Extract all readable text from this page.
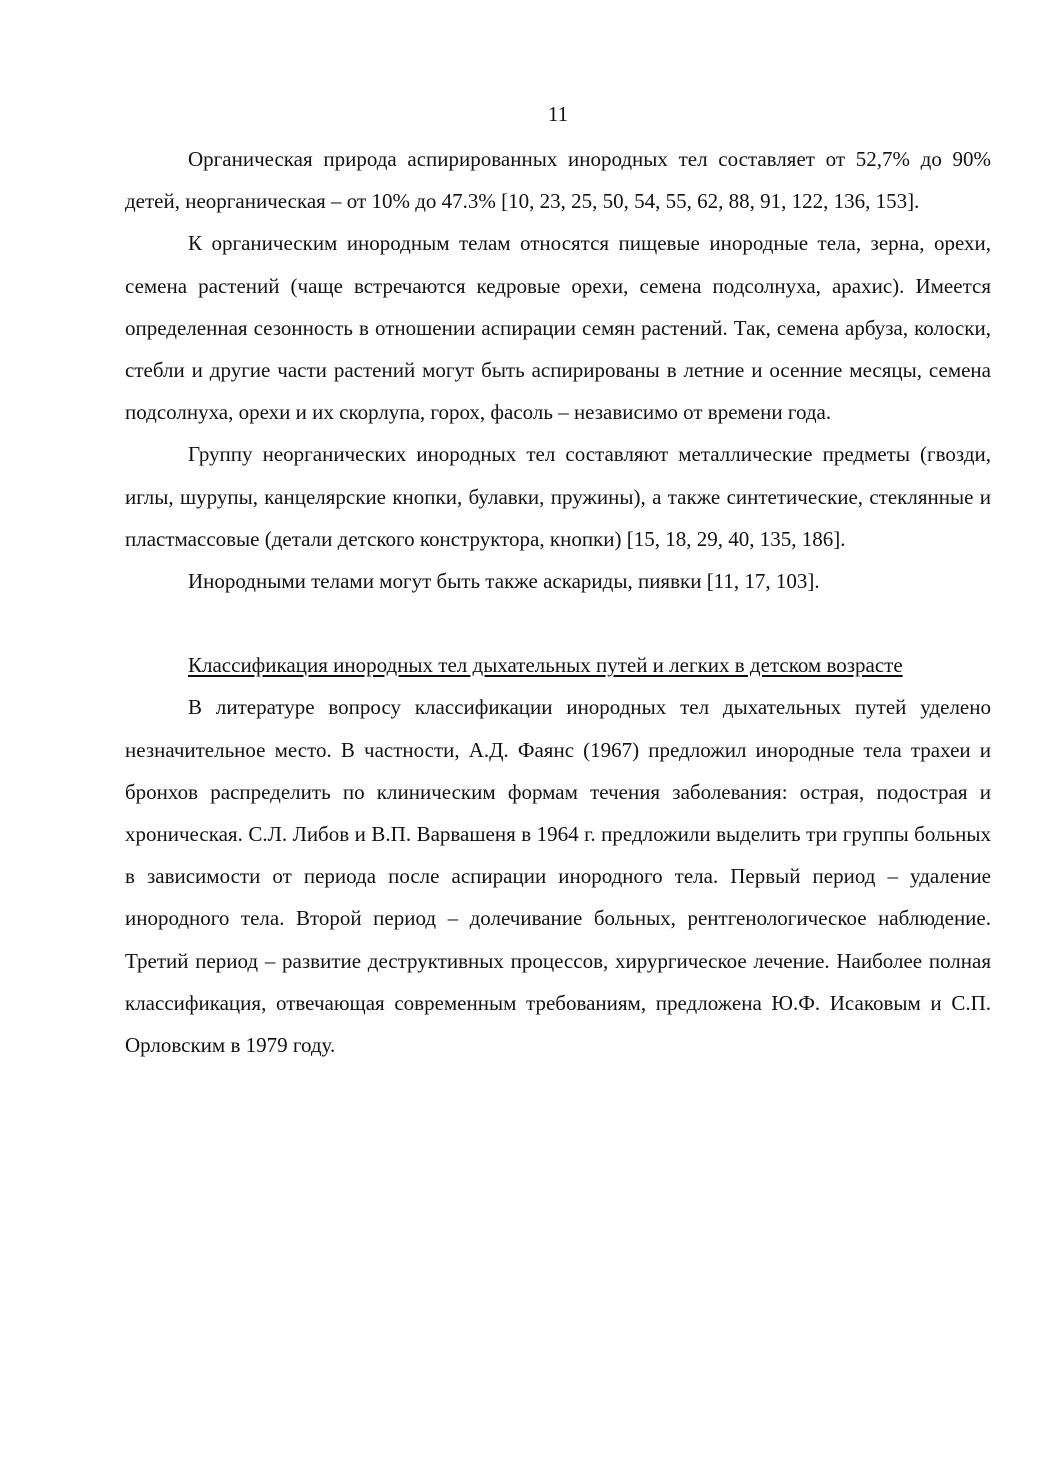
11

Органическая природа аспирированных инородных тел составляет от 52,7% до 90% детей, неорганическая – от 10% до 47.3% [10, 23, 25, 50, 54, 55, 62, 88, 91, 122, 136, 153].

К органическим инородным телам относятся пищевые инородные тела, зерна, орехи, семена растений (чаще встречаются кедровые орехи, семена подсолнуха, арахис). Имеется определенная сезонность в отношении аспирации семян растений. Так, семена арбуза, колоски, стебли и другие части растений могут быть аспирированы в летние и осенние месяцы, семена подсолнуха, орехи и их скорлупа, горох, фасоль – независимо от времени года.

Группу неорганических инородных тел составляют металлические предметы (гвозди, иглы, шурупы, канцелярские кнопки, булавки, пружины), а также синтетические, стеклянные и пластмассовые (детали детского конструктора, кнопки) [15, 18, 29, 40, 135, 186].

Инородными телами могут быть также аскариды, пиявки [11, 17, 103].

Классификация инородных тел дыхательных путей и легких в детском возрасте

В литературе вопросу классификации инородных тел дыхательных путей уделено незначительное место. В частности, А.Д. Фаянс (1967) предложил инородные тела трахеи и бронхов распределить по клиническим формам течения заболевания: острая, подострая и хроническая. С.Л. Либов и В.П. Варвашеня в 1964 г. предложили выделить три группы больных в зависимости от периода после аспирации инородного тела. Первый период – удаление инородного тела. Второй период – долечивание больных, рентгенологическое наблюдение. Третий период – развитие деструктивных процессов, хирургическое лечение. Наиболее полная классификация, отвечающая современным требованиям, предложена Ю.Ф. Исаковым и С.П. Орловским в 1979 году.
